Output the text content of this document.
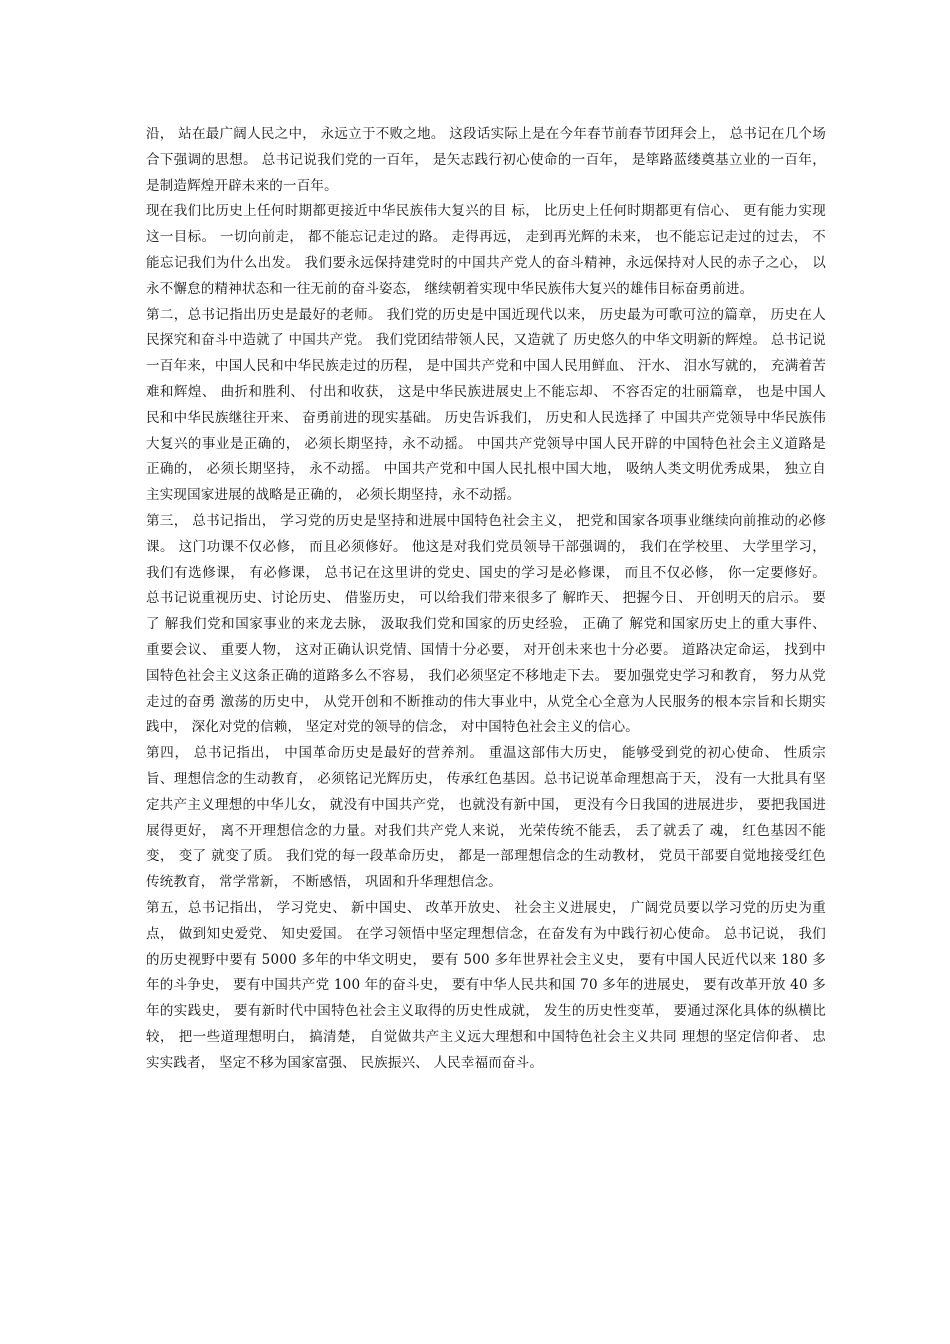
沿， 站在最广阔人民之中， 永远立于不败之地。 这段话实际上是在今年春节前春节团拜会上， 总书记在几个场合下强调的思想。 总书记说我们党的一百年， 是矢志践行初心使命的一百年， 是筚路蓝缕奠基立业的一百年， 是制造辉煌开辟未来的一百年。

现在我们比历史上任何时期都更接近中华民族伟大复兴的目 标， 比历史上任何时期都更有信心、 更有能力实现这一目标。 一切向前走， 都不能忘记走过的路。 走得再远， 走到再光辉的未来， 也不能忘记走过的过去， 不能忘记我们为什么出发。 我们要永远保持建党时的中国共产党人的奋斗精神，永远保持对人民的赤子之心， 以永不懈怠的精神状态和一往无前的奋斗姿态， 继续朝着实现中华民族伟大复兴的雄伟目标奋勇前进。

第二，总书记指出历史是最好的老师。 我们党的历史是中国近现代以来， 历史最为可歌可泣的篇章， 历史在人民探究和奋斗中造就了 中国共产党。 我们党团结带领人民，又造就了 历史悠久的中华文明新的辉煌。 总书记说一百年来，中国人民和中华民族走过的历程， 是中国共产党和中国人民用鲜血、 汗水、 泪水写就的， 充满着苦难和辉煌、 曲折和胜利、 付出和收获， 这是中华民族进展史上不能忘却、 不容否定的壮丽篇章， 也是中国人民和中华民族继往开来、 奋勇前进的现实基础。 历史告诉我们， 历史和人民选择了 中国共产党领导中华民族伟大复兴的事业是正确的， 必须长期坚持，永不动摇。 中国共产党领导中国人民开辟的中国特色社会主义道路是正确的， 必须长期坚持， 永不动摇。 中国共产党和中国人民扎根中国大地， 吸纳人类文明优秀成果， 独立自主实现国家进展的战略是正确的， 必须长期坚持，永不动摇。

第三， 总书记指出， 学习党的历史是坚持和进展中国特色社会主义， 把党和国家各项事业继续向前推动的必修课。 这门功课不仅必修， 而且必须修好。 他这是对我们党员领导干部强调的， 我们在学校里、 大学里学习， 我们有选修课， 有必修课， 总书记在这里讲的党史、国史的学习是必修课， 而且不仅必修， 你一定要修好。 总书记说重视历史、讨论历史、 借鉴历史， 可以给我们带来很多了 解昨天、 把握今日、 开创明天的启示。 要了 解我们党和国家事业的来龙去脉， 汲取我们党和国家的历史经验， 正确了 解党和国家历史上的重大事件、 重要会议、 重要人物， 这对正确认识党情、国情十分必要， 对开创未来也十分必要。 道路决定命运， 找到中国特色社会主义这条正确的道路多么不容易， 我们必须坚定不移地走下去。 要加强党史学习和教育， 努力从党走过的奋勇 激荡的历史中， 从党开创和不断推动的伟大事业中，从党全心全意为人民服务的根本宗旨和长期实践中， 深化对党的信赖， 坚定对党的领导的信念， 对中国特色社会主义的信心。

第四， 总书记指出， 中国革命历史是最好的营养剂。 重温这部伟大历史， 能够受到党的初心使命、 性质宗旨、理想信念的生动教育， 必须铭记光辉历史， 传承红色基因。总书记说革命理想高于天， 没有一大批具有坚定共产主义理想的中华儿女， 就没有中国共产党， 也就没有新中国， 更没有今日我国的进展进步， 要把我国进展得更好， 离不开理想信念的力量。对我们共产党人来说， 光荣传统不能丢， 丢了就丢了 魂， 红色基因不能变， 变了 就变了质。 我们党的每一段革命历史， 都是一部理想信念的生动教材， 党员干部要自觉地接受红色传统教育， 常学常新， 不断感悟， 巩固和升华理想信念。

第五，总书记指出， 学习党史、 新中国史、 改革开放史、 社会主义进展史， 广阔党员要以学习党的历史为重点， 做到知史爱党、 知史爱国。 在学习领悟中坚定理想信念，在奋发有为中践行初心使命。 总书记说， 我们的历史视野中要有 5000 多年的中华文明史， 要有 500 多年世界社会主义史， 要有中国人民近代以来 180 多年的斗争史， 要有中国共产党 100 年的奋斗史， 要有中华人民共和国 70 多年的进展史， 要有改革开放 40 多年的实践史， 要有新时代中国特色社会主义取得的历史性成就， 发生的历史性变革， 要通过深化具体的纵横比较， 把一些道理想明白， 搞清楚， 自觉做共产主义远大理想和中国特色社会主义共同 理想的坚定信仰者、 忠实实践者， 坚定不移为国家富强、 民族振兴、 人民幸福而奋斗。
